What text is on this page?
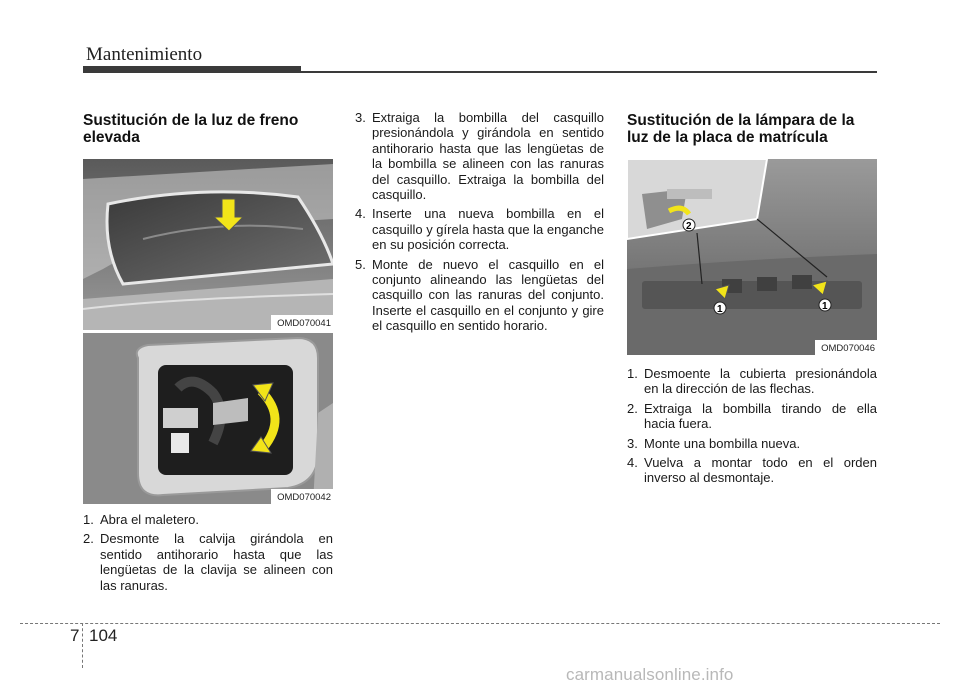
Mantenimiento
Sustitución de la luz de freno elevada
OMD070041
OMD070042
1. Abra el maletero.
2. Desmonte la calvija girándola en sentido antihorario hasta que las lengüetas de la clavija se alineen con las ranuras.
3. Extraiga la bombilla del casquillo presionándola y girándola en sentido antihorario hasta que las lengüetas de la bombilla se alineen con las ranuras del casquillo. Extraiga la bombilla del casquillo.
4. Inserte una nueva bombilla en el casquillo y gírela hasta que la enganche en su posición correcta.
5. Monte de nuevo el casquillo en el conjunto alineando las lengüetas del casquillo con las ranuras del conjunto. Inserte el casquillo en el conjunto y gire el casquillo en sentido horario.
Sustitución de la lámpara de la luz de la placa de matrícula
2
1	1
OMD070046
1. Desmoente la cubierta presionándola en la dirección de las flechas.
2. Extraiga la bombilla tirando de ella hacia fuera.
3. Monte una bombilla nueva.
4. Vuelva a montar todo en el orden inverso al desmontaje.
7 104
carmanualsonline.info
